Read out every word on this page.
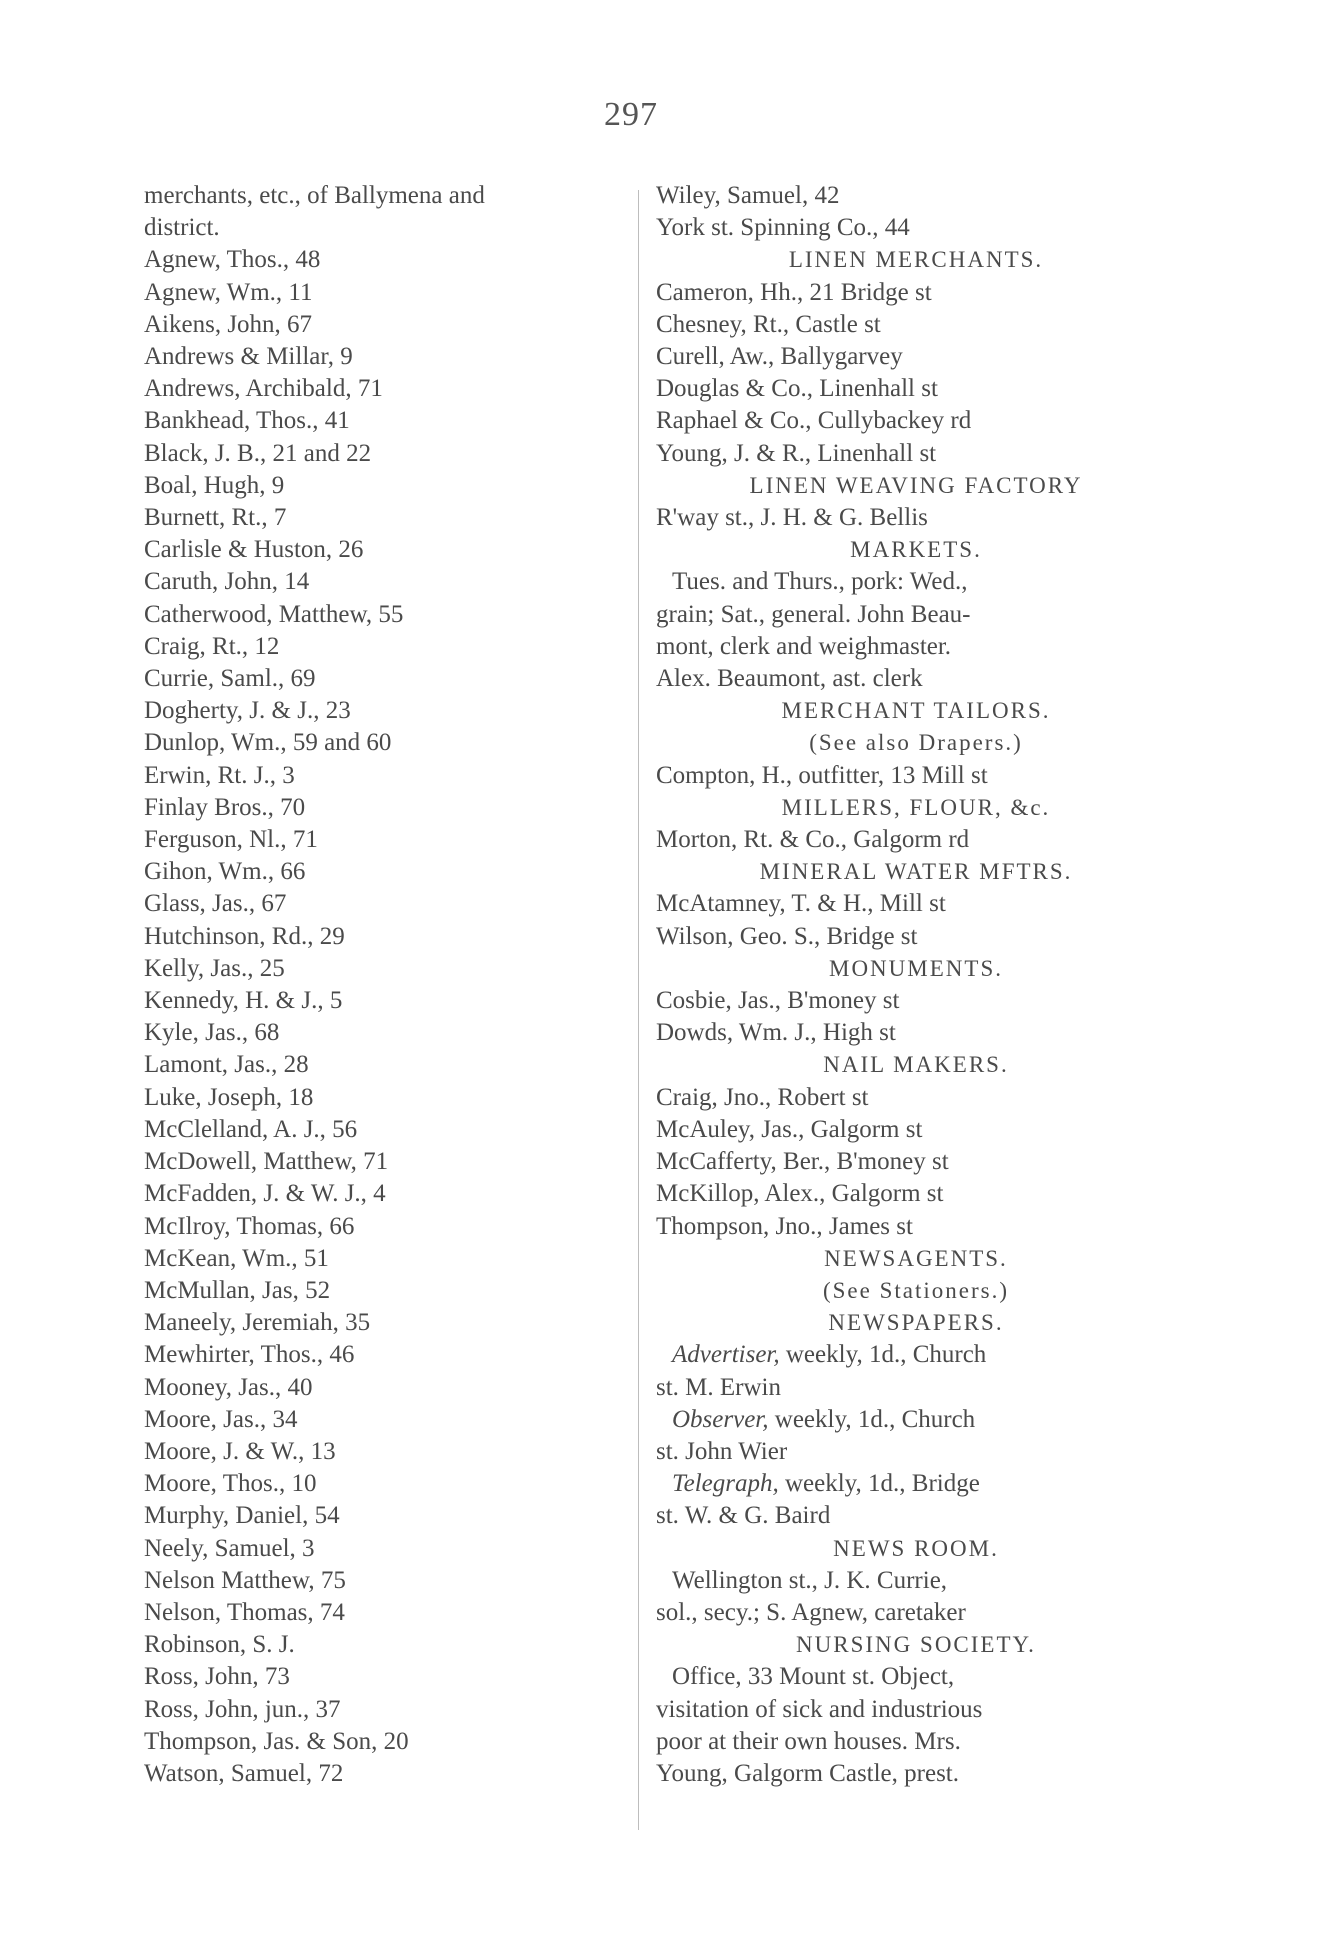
297
merchants, etc., of Ballymena and
district.
Agnew, Thos., 48
Agnew, Wm., 11
Aikens, John, 67
Andrews & Millar, 9
Andrews, Archibald, 71
Bankhead, Thos., 41
Black, J. B., 21 and 22
Boal, Hugh, 9
Burnett, Rt., 7
Carlisle & Huston, 26
Caruth, John, 14
Catherwood, Matthew, 55
Craig, Rt., 12
Currie, Saml., 69
Dogherty, J. & J., 23
Dunlop, Wm., 59 and 60
Erwin, Rt. J., 3
Finlay Bros., 70
Ferguson, Nl., 71
Gihon, Wm., 66
Glass, Jas., 67
Hutchinson, Rd., 29
Kelly, Jas., 25
Kennedy, H. & J., 5
Kyle, Jas., 68
Lamont, Jas., 28
Luke, Joseph, 18
McClelland, A. J., 56
McDowell, Matthew, 71
McFadden, J. & W. J., 4
McIlroy, Thomas, 66
McKean, Wm., 51
McMullan, Jas, 52
Maneely, Jeremiah, 35
Mewhirter, Thos., 46
Mooney, Jas., 40
Moore, Jas., 34
Moore, J. & W., 13
Moore, Thos., 10
Murphy, Daniel, 54
Neely, Samuel, 3
Nelson Matthew, 75
Nelson, Thomas, 74
Robinson, S. J.
Ross, John, 73
Ross, John, jun., 37
Thompson, Jas. & Son, 20
Watson, Samuel, 72
Wiley, Samuel, 42
York st. Spinning Co., 44
LINEN MERCHANTS.
Cameron, Hh., 21 Bridge st
Chesney, Rt., Castle st
Curell, Aw., Ballygarvey
Douglas & Co., Linenhall st
Raphael & Co., Cullybackey rd
Young, J. & R., Linenhall st
LINEN WEAVING FACTORY
R'way st., J. H. & G. Bellis
MARKETS.
Tues. and Thurs., pork: Wed.,
grain; Sat., general. John Beau-
mont, clerk and weighmaster.
Alex. Beaumont, ast. clerk
MERCHANT TAILORS.
(See also Drapers.)
Compton, H., outfitter, 13 Mill st
MILLERS, FLOUR, &c.
Morton, Rt. & Co., Galgorm rd
MINERAL WATER MFTRS.
McAtamney, T. & H., Mill st
Wilson, Geo. S., Bridge st
MONUMENTS.
Cosbie, Jas., B'money st
Dowds, Wm. J., High st
NAIL MAKERS.
Craig, Jno., Robert st
McAuley, Jas., Galgorm st
McCafferty, Ber., B'money st
McKillop, Alex., Galgorm st
Thompson, Jno., James st
NEWSAGENTS.
(See Stationers.)
NEWSPAPERS.
Advertiser, weekly, 1d., Church
st. M. Erwin
Observer, weekly, 1d., Church
st. John Wier
Telegraph, weekly, 1d., Bridge
st. W. & G. Baird
NEWS ROOM.
Wellington st., J. K. Currie,
sol., secy.; S. Agnew, caretaker
NURSING SOCIETY.
Office, 33 Mount st. Object,
visitation of sick and industrious
poor at their own houses. Mrs.
Young, Galgorm Castle, prest.
